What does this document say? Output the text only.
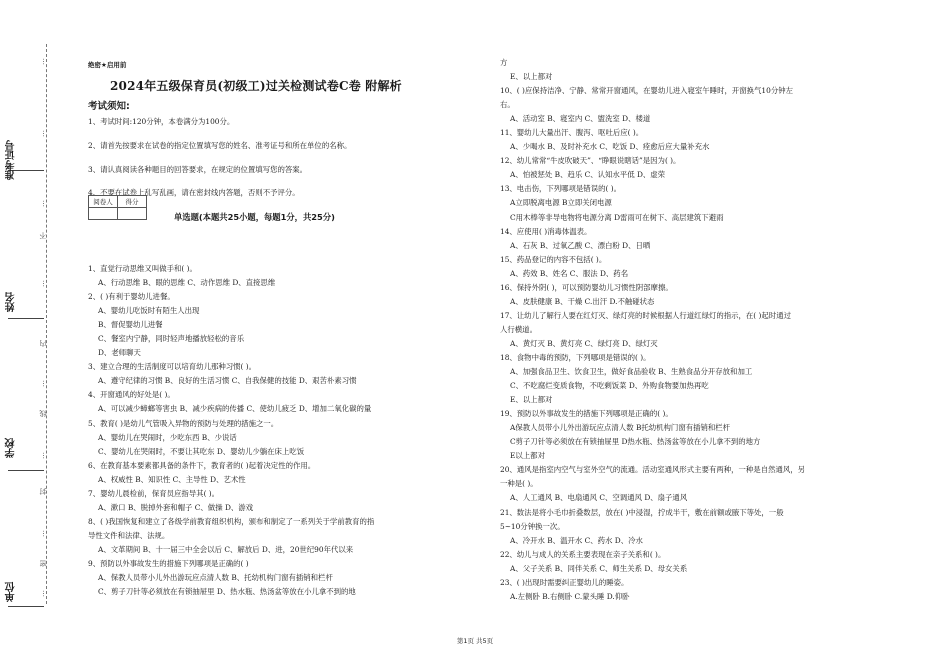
准考证号
姓名
学校
单位
…
…
…
不
…
内
…
线
…
封
…
密
…
绝密★启用前
2024年五级保育员(初级工)过关检测试卷C卷 附解析
考试须知:
1、考试时间:120分钟，本卷满分为100分。
2、请首先按要求在试卷的指定位置填写您的姓名、准考证号和所在单位的名称。
3、请认真阅读各种题目的回答要求，在规定的位置填写您的答案。
4、不要在试卷上乱写乱画，请在密封线内答题，否则不予评分。
阅卷人	得分

单选题(本题共25小题，每题1分，共25分)
1、直觉行动思维又叫做手和( )。
A、行动思维 B、眼的思维 C、动作思维 D、直接思维
2、( )有利于婴幼儿进餐。
A、婴幼儿吃饭时有陌生人出现
B、督促婴幼儿进餐
C、餐室内宁静，同时轻声地播放轻松的音乐
D、老师聊天
3、建立合理的生活制度可以培育幼儿那种习惯( )。
A、遵守纪律的习惯 B、良好的生活习惯 C、自我保健的技能 D、艰苦朴素习惯
4、开窗通风的好处是( )。
A、可以减少蟑螂等害虫 B、减少疾病的传播 C、使幼儿疲乏 D、增加二氧化碳的量
5、教育( )是幼儿气管吸入异物的预防与处理的措施之一。
A、婴幼儿在哭闹时，少吃东西 B、少说话
C、婴幼儿在哭闹时，不要让其吃东 D、婴幼儿少躺在床上吃饭
6、在教育基本要素都具备的条件下，教育者的( )起着决定性的作用。
A、权威性 B、知识性 C、主导性 D、艺术性
7、婴幼儿晨检前，保育员应指导其( )。
A、漱口 B、脱掉外套和帽子 C、做操 D、游戏
8、( )我国恢复和建立了各级学前教育组织机构，颁布和制定了一系列关于学前教育的指
导性文件和法律、法规。
A、文革期间 B、十一届三中全会以后 C、解放后 D、进，20世纪90年代以来
9、预防以外事故发生的措施下列哪项是正确的( )
A、保教人员带小儿外出游玩应点清人数 B、托幼机构门窗有插销和栏杆
C、剪子刀针等必须放在有锁抽屉里 D、热水瓶、热汤盆等放在小儿拿不到的地
方
E、以上都对
10、( )应保持洁净、宁静、常常开窗通风，在婴幼儿进入寝室午睡时，开窗换气10分钟左
右。
A、活动室 B、寝室内 C、盥洗室 D、楼道
11、婴幼儿大量出汗、腹泻、呕吐后应( )。
A、少喝水 B、及时补充水 C、吃饭 D、痊愈后应大量补充水
12、幼儿常常“牛皮吹破天”、“睁眼说瞎话”是因为( )。
A、怕被惩处 B、趋乐 C、认知水平低 D、虚荣
13、电击伤，下列哪项是错误的( )。
A立即脱离电源 B立即关闭电源
C用木棒等非导电物将电源分离 D雷雨可在树下、高层建筑下避雨
14、应使用( )消毒体温表。
A、石灰 B、过氧乙酸 C、漂白粉 D、日晒
15、药品登记的内容不包括( )。
A、药效 B、姓名 C、服法 D、药名
16、保持外阴( )，可以预防婴幼儿习惯性阴部摩擦。
A、皮肤健康 B、干燥 C.出汗 D.不触碰状态
17、让幼儿了解行人要在红灯灭、绿灯亮的时候根据人行道红绿灯的指示，在( )起时通过
人行横道。
A、黄灯灭 B、黄灯亮 C、绿灯亮 D、绿灯灭
18、食物中毒的预防，下列哪项是错误的( )。
A、加强食品卫生、饮食卫生，做好食品验收 B、生熟食品分开存放和加工
C、不吃腐烂变质食物，不吃剩饭菜 D、外购食物要加热再吃
E、以上都对
19、预防以外事故发生的措施下列哪项是正确的( )。
A保教人员带小儿外出游玩应点清人数 B托幼机构门窗有插销和栏杆
C剪子刀针等必须放在有锁抽屉里 D热水瓶、热汤盆等放在小儿拿不到的地方
E以上都对
20、通风是指室内空气与室外空气的流通。活动室通风形式主要有两种，一种是自然通风，另
一种是( )。
A、人工通风 B、电扇通风 C、空调通风 D、扇子通风
21、数法是将小毛巾折叠数层，放在( )中浸湿，拧成半干，敷在前额或腋下等处，一般
5~10分钟换一次。
A、冷开水 B、温开水 C、药水 D、冷水
22、幼儿与成人的关系主要表现在亲子关系和( )。
A、父子关系 B、同伴关系 C、师生关系 D、母女关系
23、( )出现时需要纠正婴幼儿的睡姿。
A.左侧卧 B.右侧卧 C.蒙头睡 D.仰卧
第1页 共5页
